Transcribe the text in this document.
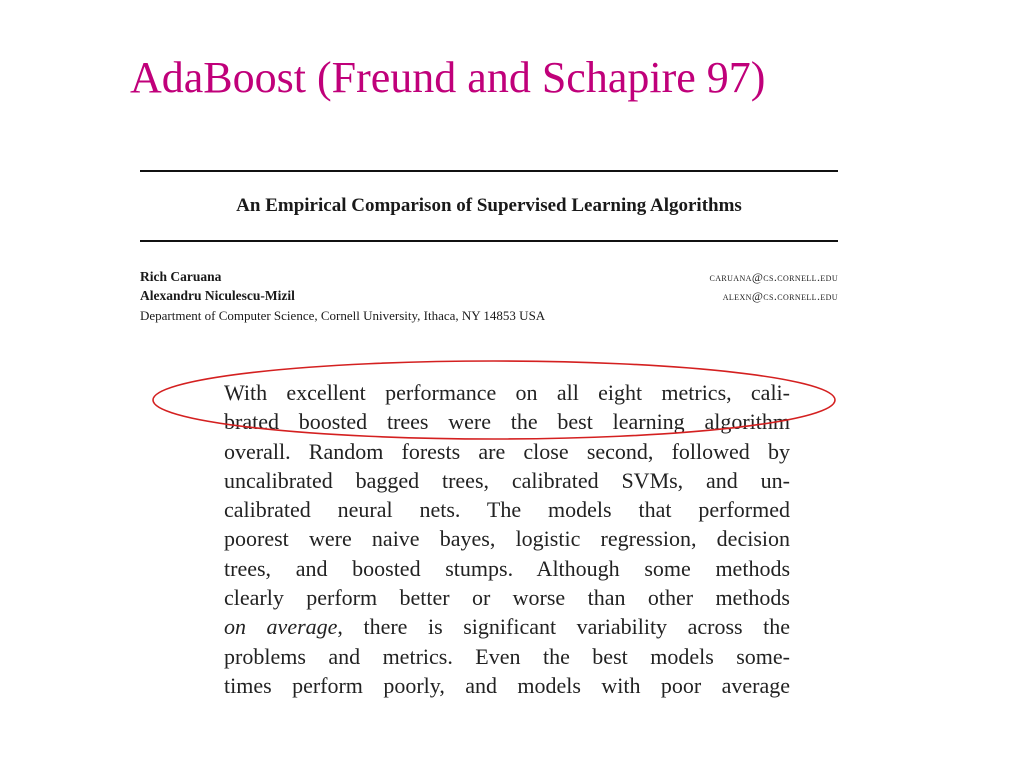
AdaBoost (Freund and Schapire 97)
An Empirical Comparison of Supervised Learning Algorithms
Rich Caruana	caruana@cs.cornell.edu
Alexandru Niculescu-Mizil	alexn@cs.cornell.edu
Department of Computer Science, Cornell University, Ithaca, NY 14853 USA
With excellent performance on all eight metrics, cali-
brated boosted trees were the best learning algorithm
overall. Random forests are close second, followed by
uncalibrated bagged trees, calibrated SVMs, and un-
calibrated neural nets. The models that performed
poorest were naive bayes, logistic regression, decision
trees, and boosted stumps. Although some methods
clearly perform better or worse than other methods
on average, there is significant variability across the
problems and metrics. Even the best models some-
times perform poorly, and models with poor average
